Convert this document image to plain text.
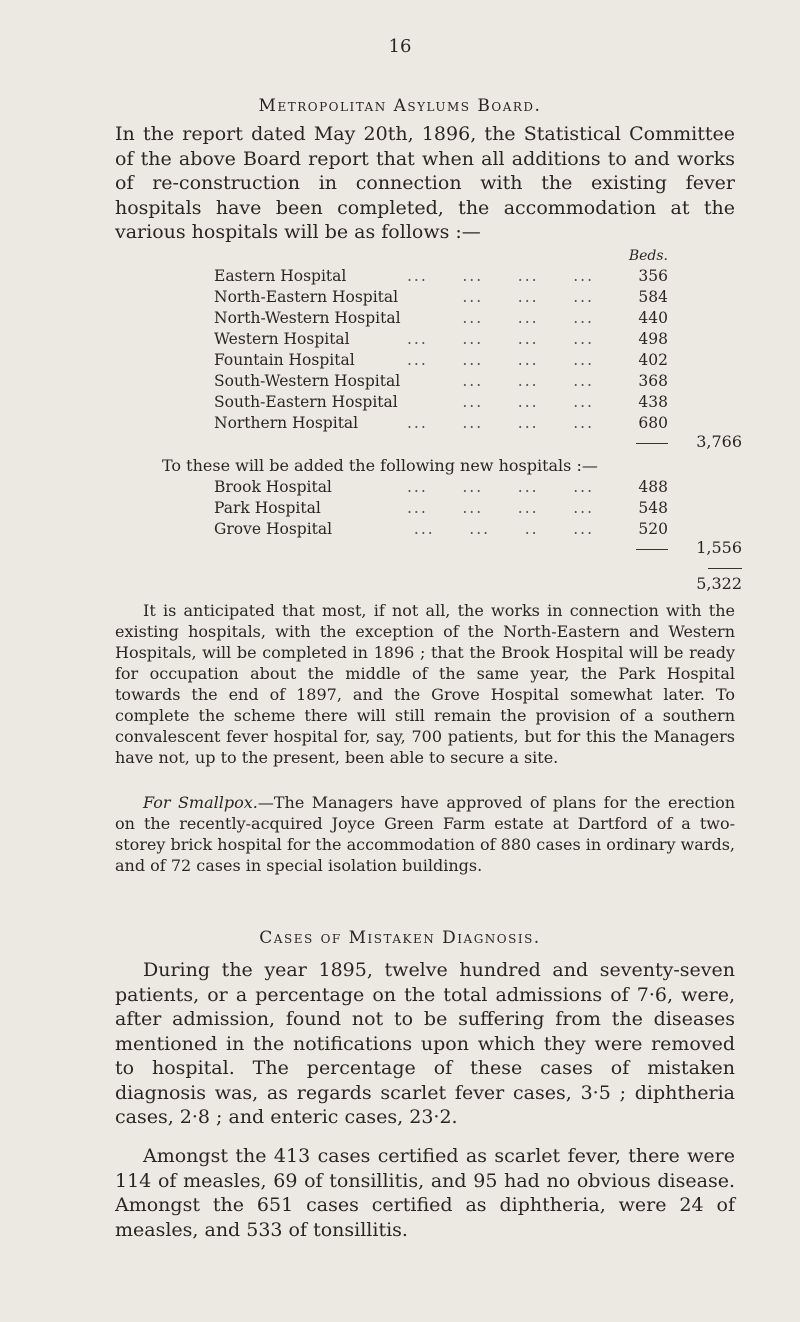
16
Metropolitan Asylums Board.

In the report dated May 20th, 1896, the Statistical Committee of the above Board report that when all additions to and works of re-construction in connection with the existing fever hospitals have been completed, the accommodation at the various hospitals will be as follows :—

Beds.
Eastern Hospital	...     ...     ...     ...	356
North-Eastern Hospital	...     ...     ...	584
North-Western Hospital	...     ...     ...	440
Western Hospital	...     ...     ...     ...	498
Fountain Hospital	...     ...     ...     ...	402
South-Western Hospital	...     ...     ...	368
South-Eastern Hospital	...     ...     ...	438
Northern Hospital	...     ...     ...     ...	680
3,766
To these will be added the following new hospitals :—
Brook Hospital	...     ...     ...     ...	488
Park Hospital	...     ...     ...     ...	548
Grove Hospital	...     ...     ..     ...	520
1,556
5,322

It is anticipated that most, if not all, the works in connection with the existing hospitals, with the exception of the North-Eastern and Western Hospitals, will be completed in 1896 ; that the Brook Hospital will be ready for occupation about the middle of the same year, the Park Hospital towards the end of 1897, and the Grove Hospital somewhat later. To complete the scheme there will still remain the provision of a southern convalescent fever hospital for, say, 700 patients, but for this the Managers have not, up to the present, been able to secure a site.

For Smallpox.—The Managers have approved of plans for the erection on the recently-acquired Joyce Green Farm estate at Dartford of a two-storey brick hospital for the accommodation of 880 cases in ordinary wards, and of 72 cases in special isolation buildings.

Cases of Mistaken Diagnosis.

During the year 1895, twelve hundred and seventy-seven patients, or a percentage on the total admissions of 7·6, were, after admission, found not to be suffering from the diseases mentioned in the notifications upon which they were removed to hospital. The percentage of these cases of mistaken diagnosis was, as regards scarlet fever cases, 3·5 ; diphtheria cases, 2·8 ; and enteric cases, 23·2.

Amongst the 413 cases certified as scarlet fever, there were 114 of measles, 69 of tonsillitis, and 95 had no obvious disease. Amongst the 651 cases certified as diphtheria, were 24 of measles, and 533 of tonsillitis.
